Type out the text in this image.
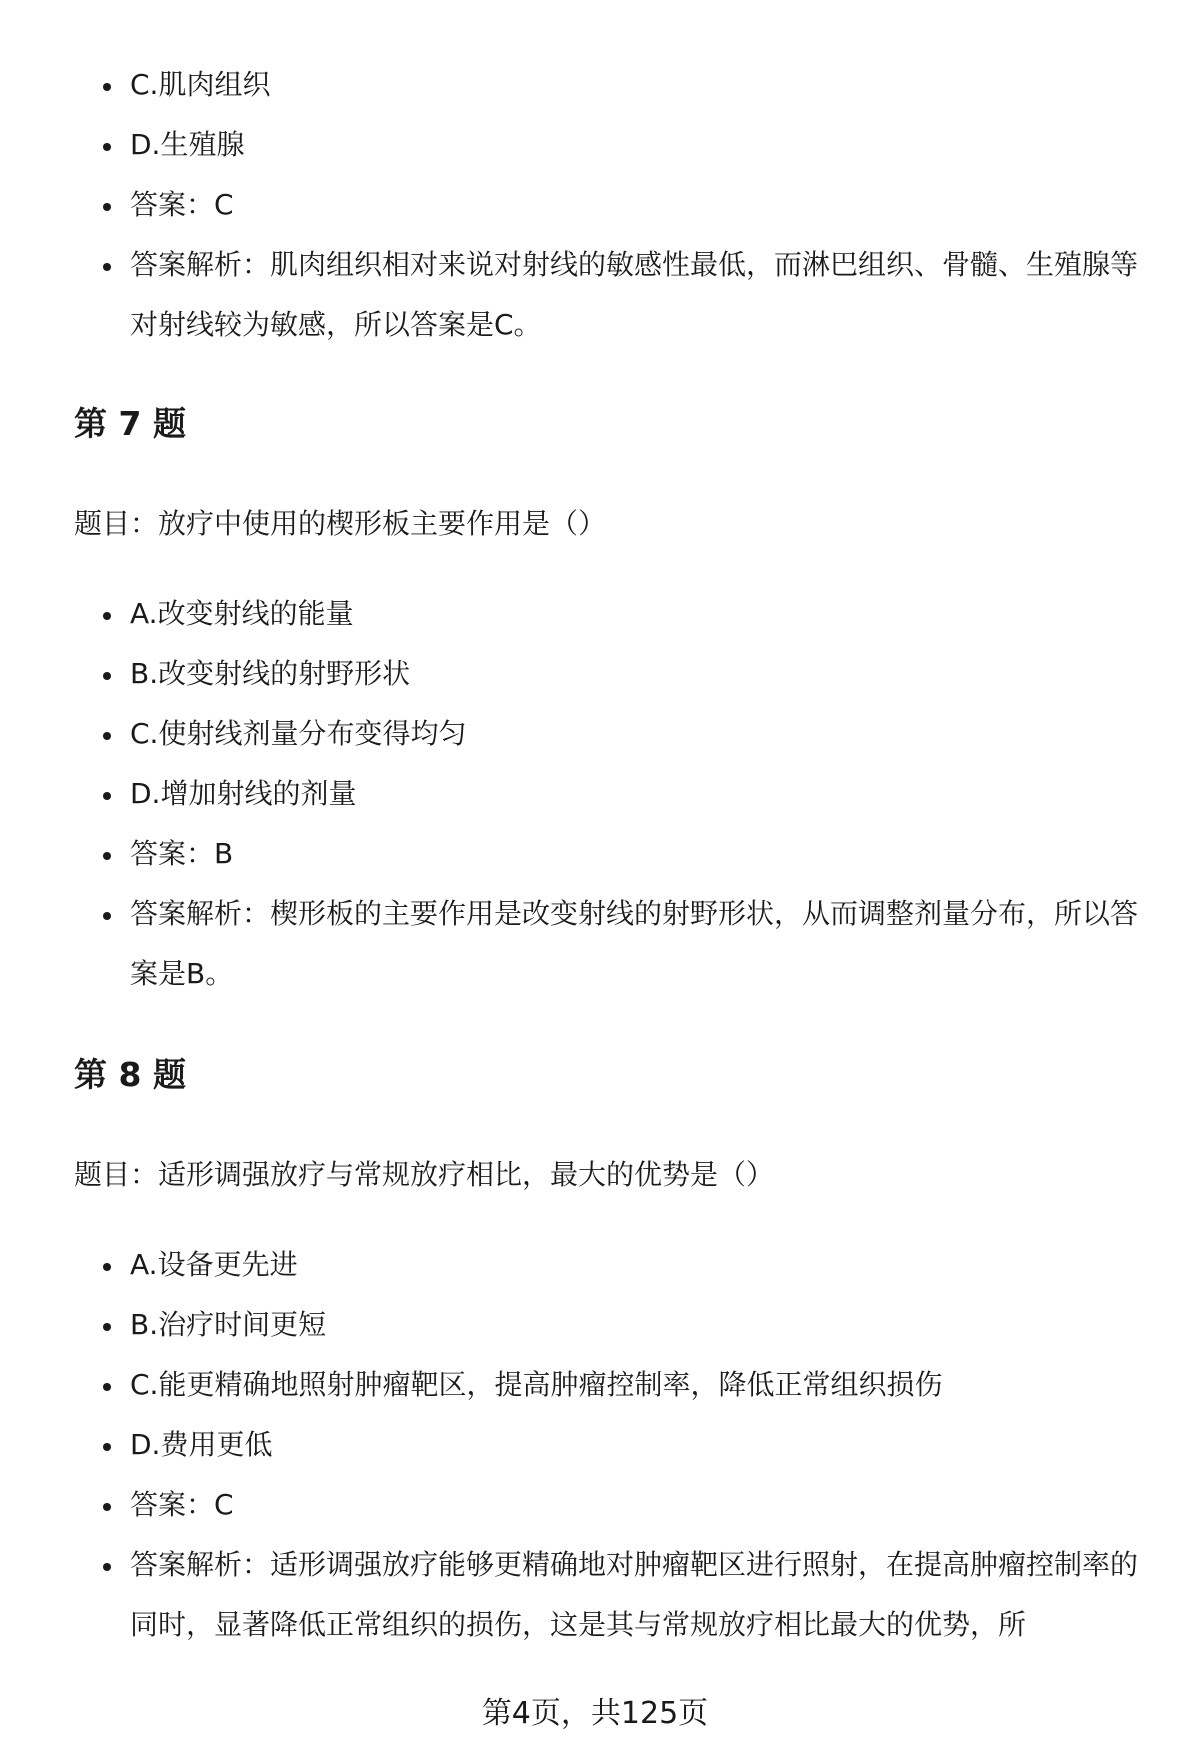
C.肌肉组织
D.生殖腺
答案：C
答案解析：肌肉组织相对来说对射线的敏感性最低，而淋巴组织、骨髓、生殖腺等对射线较为敏感，所以答案是C。
第 7 题

题目：放疗中使用的楔形板主要作用是（）

A.改变射线的能量
B.改变射线的射野形状
C.使射线剂量分布变得均匀
D.增加射线的剂量
答案：B
答案解析：楔形板的主要作用是改变射线的射野形状，从而调整剂量分布，所以答案是B。
第 8 题

题目：适形调强放疗与常规放疗相比，最大的优势是（）

A.设备更先进
B.治疗时间更短
C.能更精确地照射肿瘤靶区，提高肿瘤控制率，降低正常组织损伤
D.费用更低
答案：C
答案解析：适形调强放疗能够更精确地对肿瘤靶区进行照射，在提高肿瘤控制率的同时，显著降低正常组织的损伤，这是其与常规放疗相比最大的优势，所
第4页，共125页
